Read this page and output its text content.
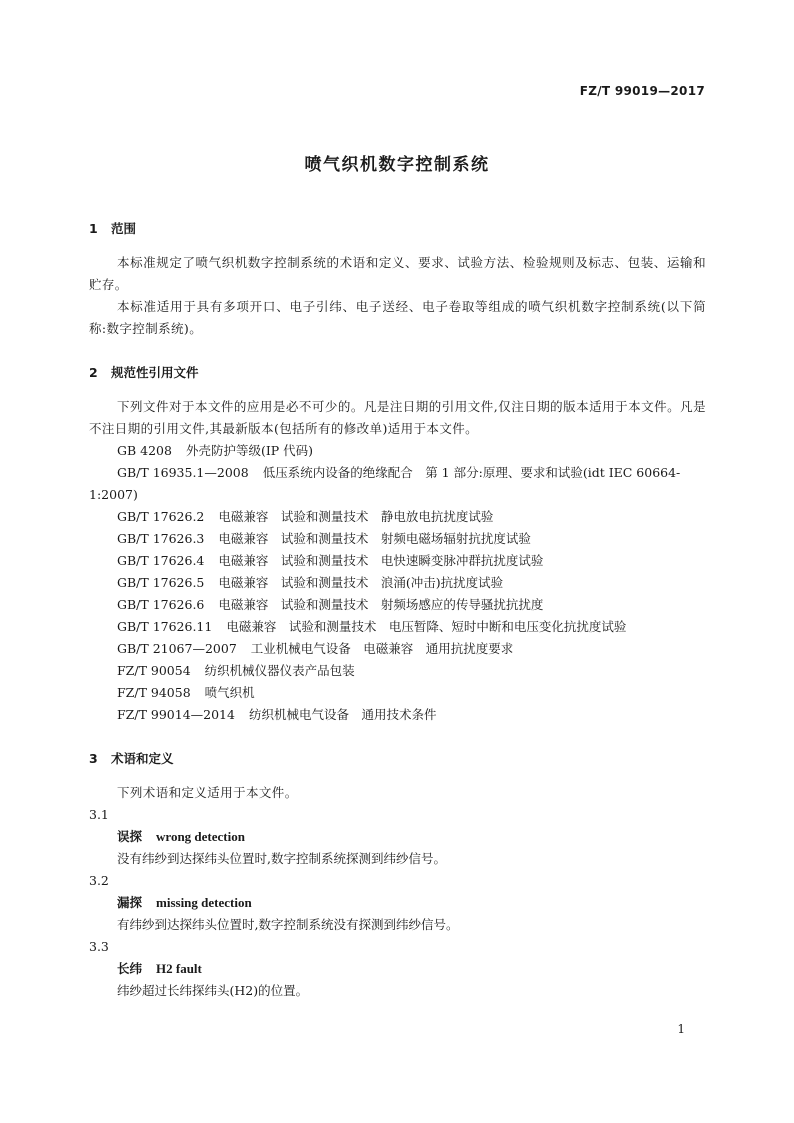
FZ/T 99019—2017
喷气织机数字控制系统
1 范围
本标准规定了喷气织机数字控制系统的术语和定义、要求、试验方法、检验规则及标志、包装、运输和贮存。
本标准适用于具有多项开口、电子引纬、电子送经、电子卷取等组成的喷气织机数字控制系统(以下简称:数字控制系统)。
2 规范性引用文件
下列文件对于本文件的应用是必不可少的。凡是注日期的引用文件,仅注日期的版本适用于本文件。凡是不注日期的引用文件,其最新版本(包括所有的修改单)适用于本文件。
GB 4208 外壳防护等级(IP 代码)
GB/T 16935.1—2008 低压系统内设备的绝缘配合　第 1 部分:原理、要求和试验(idt IEC 60664-1:2007)
GB/T 17626.2 电磁兼容　试验和测量技术　静电放电抗扰度试验
GB/T 17626.3 电磁兼容　试验和测量技术　射频电磁场辐射抗扰度试验
GB/T 17626.4 电磁兼容　试验和测量技术　电快速瞬变脉冲群抗扰度试验
GB/T 17626.5 电磁兼容　试验和测量技术　浪涌(冲击)抗扰度试验
GB/T 17626.6 电磁兼容　试验和测量技术　射频场感应的传导骚扰抗扰度
GB/T 17626.11 电磁兼容　试验和测量技术　电压暂降、短时中断和电压变化抗扰度试验
GB/T 21067—2007 工业机械电气设备　电磁兼容　通用抗扰度要求
FZ/T 90054 纺织机械仪器仪表产品包装
FZ/T 94058 喷气织机
FZ/T 99014—2014 纺织机械电气设备　通用技术条件
3 术语和定义
下列术语和定义适用于本文件。
3.1
误探 wrong detection
没有纬纱到达探纬头位置时,数字控制系统探测到纬纱信号。
3.2
漏探 missing detection
有纬纱到达探纬头位置时,数字控制系统没有探测到纬纱信号。
3.3
长纬 H2 fault
纬纱超过长纬探纬头(H2)的位置。
1
